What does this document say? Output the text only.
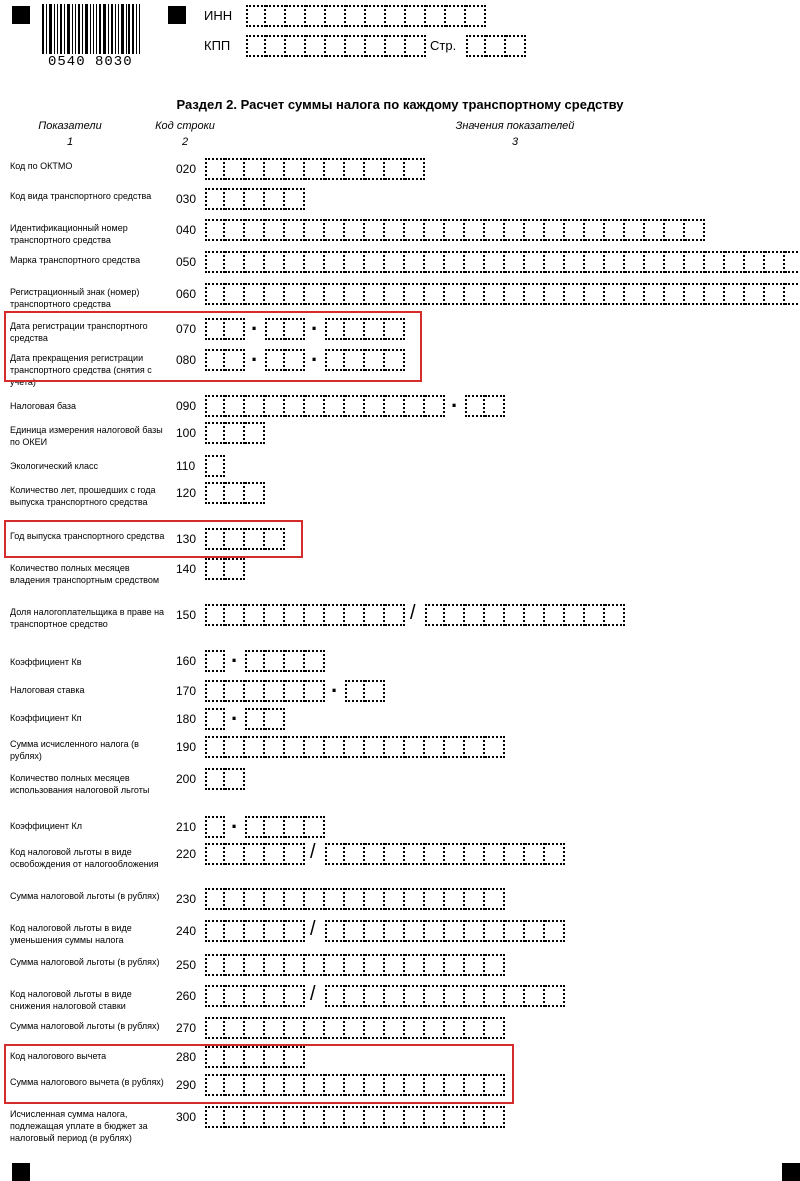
0540 8030
ИНН
КПП	Стр.
Раздел 2. Расчет суммы налога по каждому транспортному средству
Показатели
1
Код строки
2
Значения показателей
3
Код по ОКТМО	020
Код вида транспортного средства	030
Идентификационный номер транспортного средства
040
Марка транспортного средства	050
Регистрационный знак (номер) транспортного средства
060
Дата регистрации транспортного средства
070
·
·
Дата прекращения регистрации транспортного средства (снятия с учета)
080
·
·
Налоговая база	090
·
Единица измерения налоговой базы по ОКЕИ
100
Экологический класс	110
Количество лет, прошедших с года выпуска транспортного средства
120
Год выпуска транспортного средства 130
Количество полных месяцев владения транспортным средством
140
Доля налогоплательщика в праве на транспортное средство
150
/
Коэффициент Кв	160
·
Налоговая ставка	170
·
Коэффициент Кп	180
·
Сумма исчисленного налога (в рублях)
190
Количество полных месяцев использования налоговой льготы
200
Коэффициент Кл	210
·
Код налоговой льготы в виде освобождения от налогообложения
220
/
Сумма налоговой льготы (в рублях)	230
Код налоговой льготы в виде уменьшения суммы налога
240
/
Сумма налоговой льготы (в рублях)	250
Код налоговой льготы в виде снижения налоговой ставки
260
/
Сумма налоговой льготы (в рублях)	270
Код налогового вычета	280
Сумма налогового вычета (в рублях)	290
Исчисленная сумма налога, подлежащая уплате в бюджет за налоговый период (в рублях)
300
